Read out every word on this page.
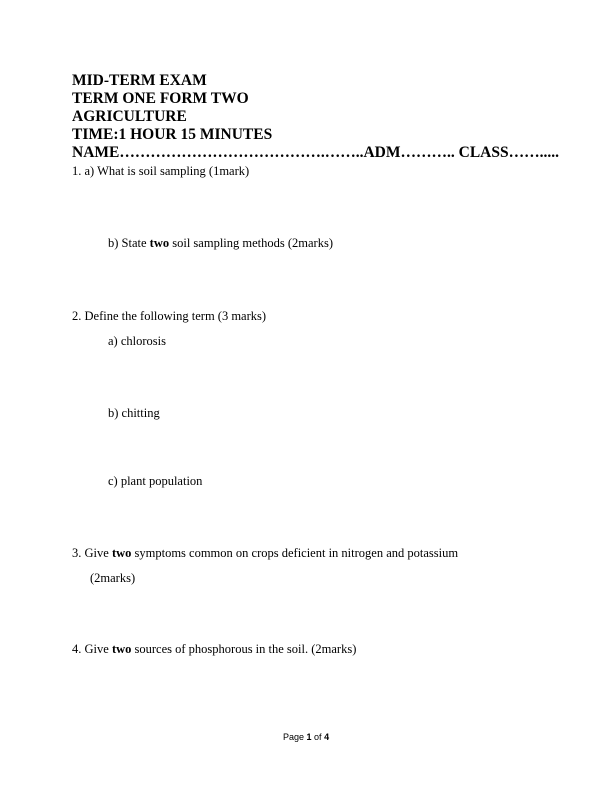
MID-TERM EXAM
TERM ONE FORM TWO
AGRICULTURE
TIME:1 HOUR 15 MINUTES
NAME………………………………….……..ADM……….. CLASS…….....
1. a) What is soil sampling (1mark)
b) State two soil sampling methods (2marks)
2. Define the following term (3 marks)
a) chlorosis
b) chitting
c) plant population
3. Give two symptoms common on crops deficient in nitrogen and potassium
(2marks)
4. Give two sources of phosphorous in the soil. (2marks)
Page 1 of 4
